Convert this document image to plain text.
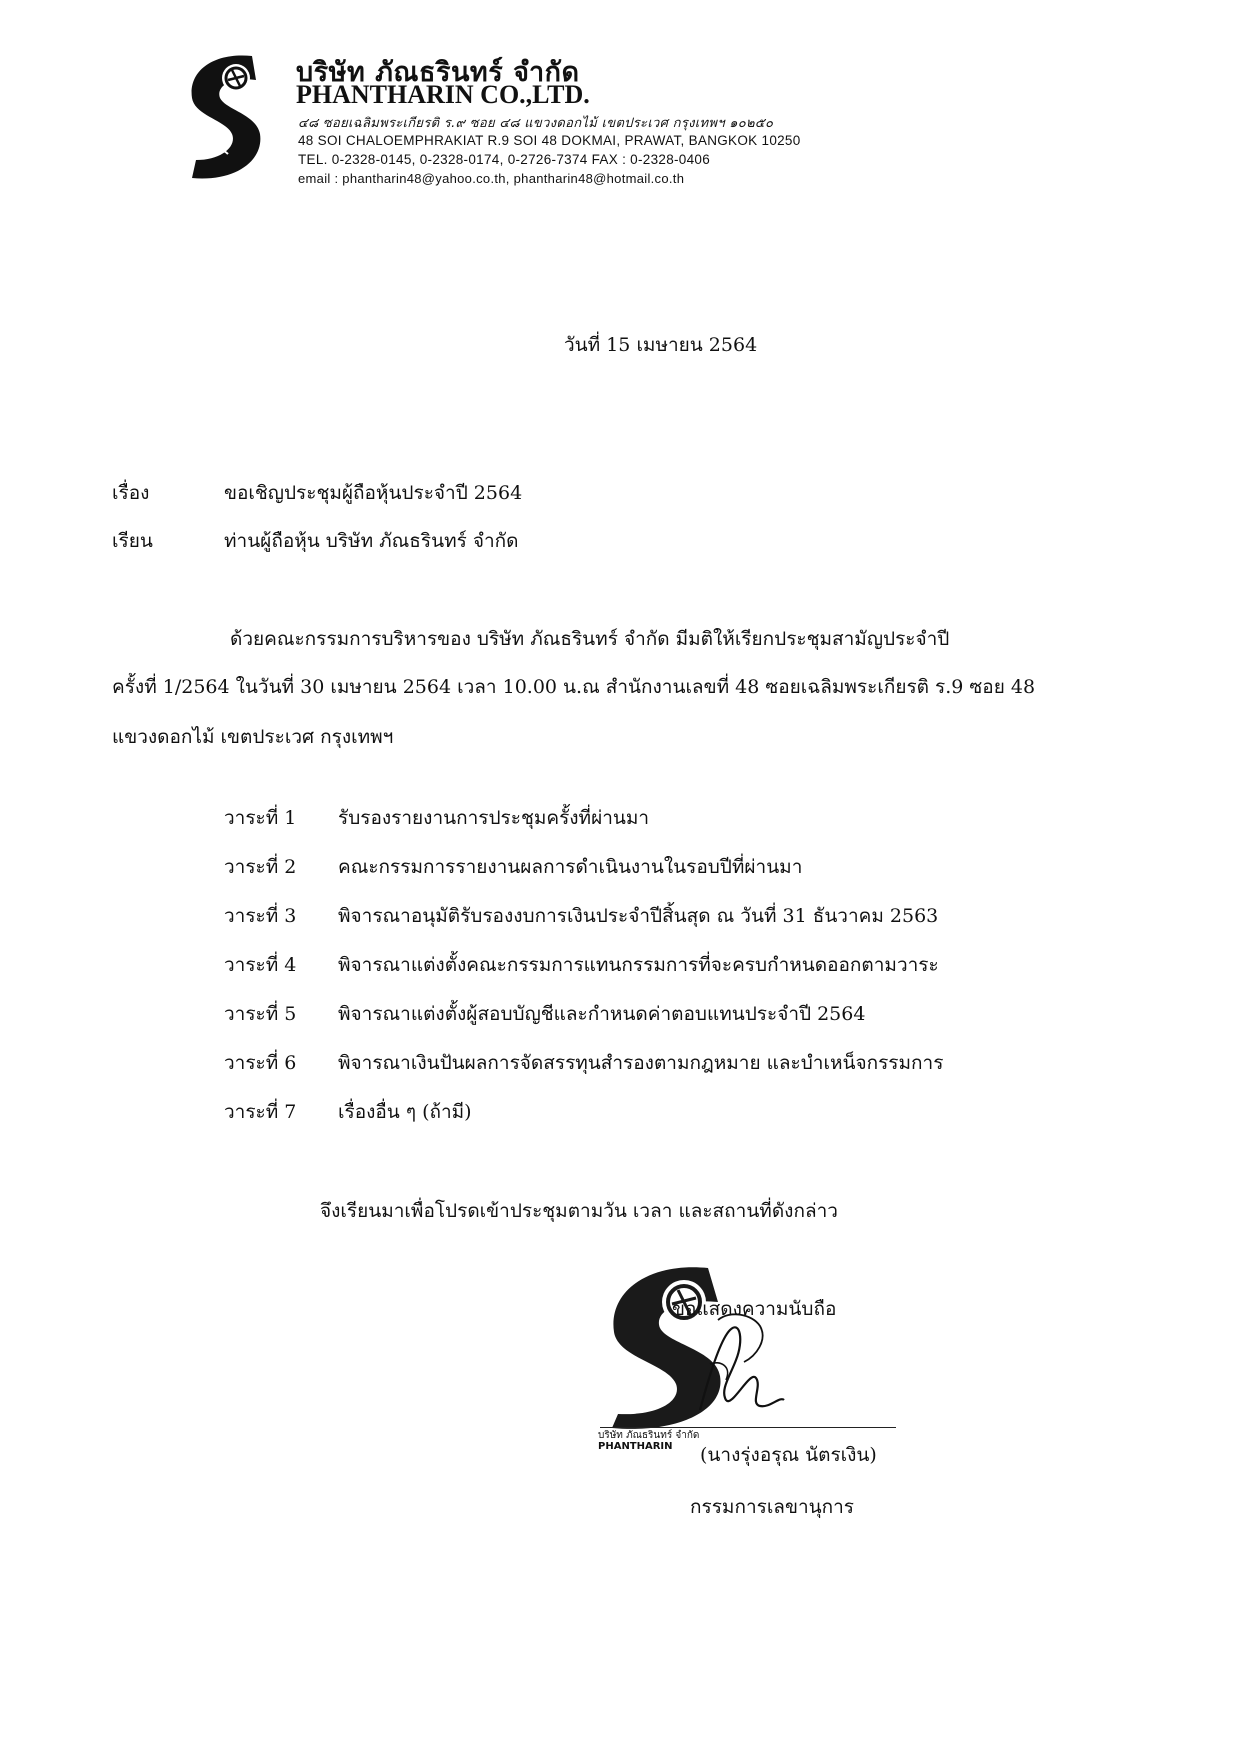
บริษัท ภัณธรินทร์ จำกัด
PHANTHARIN CO.,LTD.
๔๘ ซอยเฉลิมพระเกียรติ ร.๙ ซอย ๔๘ แขวงดอกไม้ เขตประเวศ กรุงเทพฯ ๑๐๒๕๐
48 SOI CHALOEMPHRAKIAT R.9 SOI 48 DOKMAI, PRAWAT, BANGKOK 10250
TEL. 0-2328-0145, 0-2328-0174, 0-2726-7374 FAX : 0-2328-0406
email : phantharin48@yahoo.co.th, phantharin48@hotmail.co.th
วันที่ 15 เมษายน 2564
เรื่อง	ขอเชิญประชุมผู้ถือหุ้นประจำปี 2564
เรียน	ท่านผู้ถือหุ้น บริษัท ภัณธรินทร์ จำกัด
ด้วยคณะกรรมการบริหารของ บริษัท ภัณธรินทร์ จำกัด มีมติให้เรียกประชุมสามัญประจำปี
ครั้งที่ 1/2564 ในวันที่ 30 เมษายน 2564 เวลา 10.00 น.ณ สำนักงานเลขที่ 48 ซอยเฉลิมพระเกียรติ ร.9 ซอย 48
แขวงดอกไม้ เขตประเวศ กรุงเทพฯ
วาระที่ 1 รับรองรายงานการประชุมครั้งที่ผ่านมา
วาระที่ 2 คณะกรรมการรายงานผลการดำเนินงานในรอบปีที่ผ่านมา
วาระที่ 3 พิจารณาอนุมัติรับรองงบการเงินประจำปีสิ้นสุด ณ วันที่ 31 ธันวาคม 2563
วาระที่ 4 พิจารณาแต่งตั้งคณะกรรมการแทนกรรมการที่จะครบกำหนดออกตามวาระ
วาระที่ 5 พิจารณาแต่งตั้งผู้สอบบัญชีและกำหนดค่าตอบแทนประจำปี 2564
วาระที่ 6 พิจารณาเงินปันผลการจัดสรรทุนสำรองตามกฎหมาย และบำเหน็จกรรมการ
วาระที่ 7 เรื่องอื่น ๆ (ถ้ามี)
จึงเรียนมาเพื่อโปรดเข้าประชุมตามวัน เวลา และสถานที่ดังกล่าว
ขอแสดงความนับถือ
บริษัท ภัณธรินทร์ จำกัด
PHANTHARIN	(นางรุ่งอรุณ นัตรเงิน)
กรรมการเลขานุการ
